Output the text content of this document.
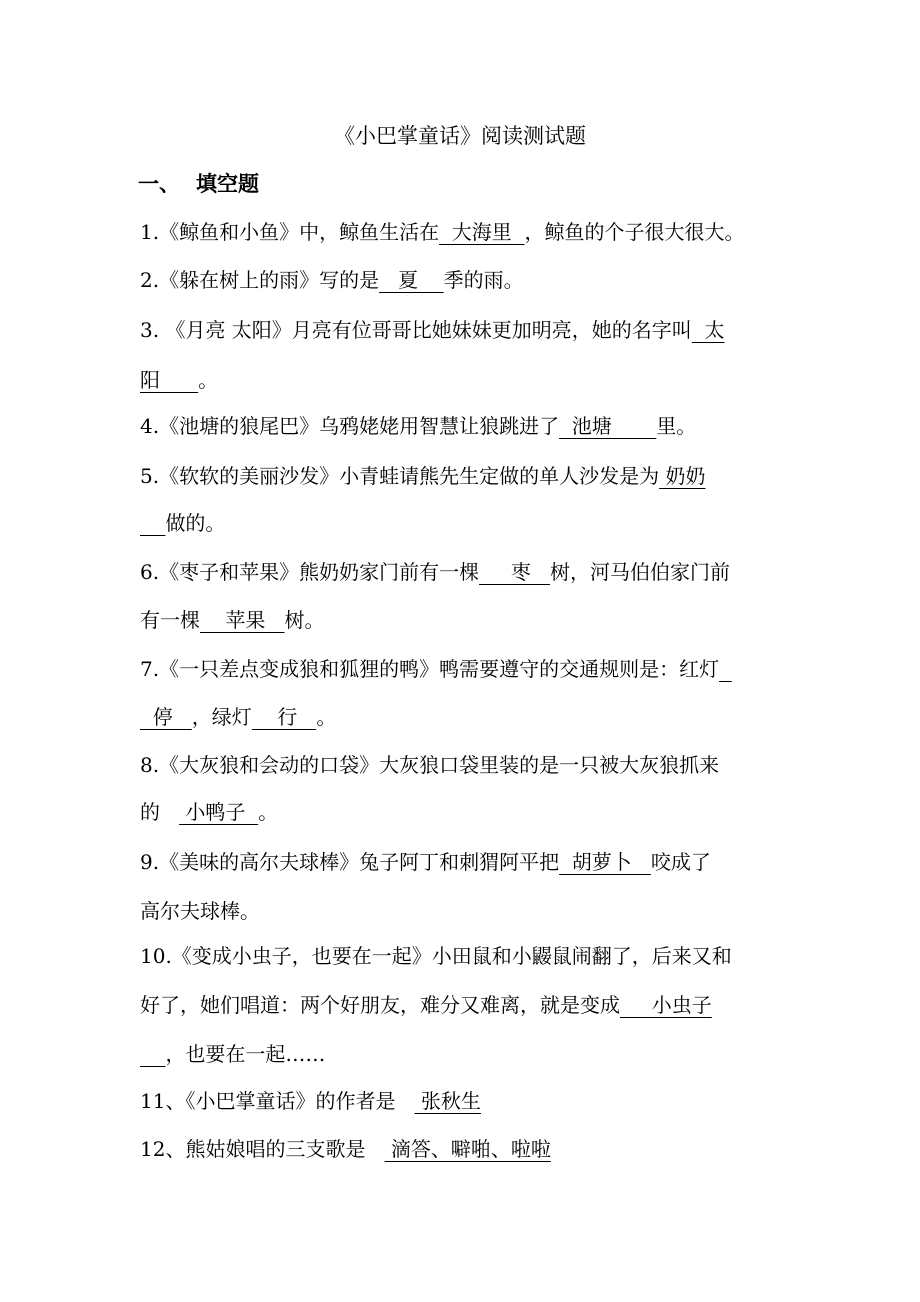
《小巴掌童话》阅读测试题
一、 填空题
1.《鲸鱼和小鱼》中，鲸鱼生活在  大海里  ，鲸鱼的个子很大很大。
2.《躲在树上的雨》写的是   夏    季的雨。
3. 《月亮 太阳》月亮有位哥哥比她妹妹更加明亮，她的名字叫  太
阳      。
4.《池塘的狼尾巴》乌鸦姥姥用智慧让狼跳进了  池塘       里。
5.《软软的美丽沙发》小青蛙请熊先生定做的单人沙发是为 奶奶
做的。
6.《枣子和苹果》熊奶奶家门前有一棵     枣   树，河马伯伯家门前
有一棵    苹果   树。
7.《一只差点变成狼和狐狸的鸭》鸭需要遵守的交通规则是：红灯
停   ，绿灯    行   。
8.《大灰狼和会动的口袋》大灰狼口袋里装的是一只被大灰狼抓来
的    小鸭子  。
9.《美味的高尔夫球棒》兔子阿丁和刺猬阿平把  胡萝卜   咬成了
高尔夫球棒。
10.《变成小虫子，也要在一起》小田鼠和小鼹鼠闹翻了，后来又和
好了，她们唱道：两个好朋友，难分又难离，就是变成     小虫子
，也要在一起……
11、《小巴掌童话》的作者是    张秋生
12、熊姑娘唱的三支歌是    滴答、噼啪、啦啦
